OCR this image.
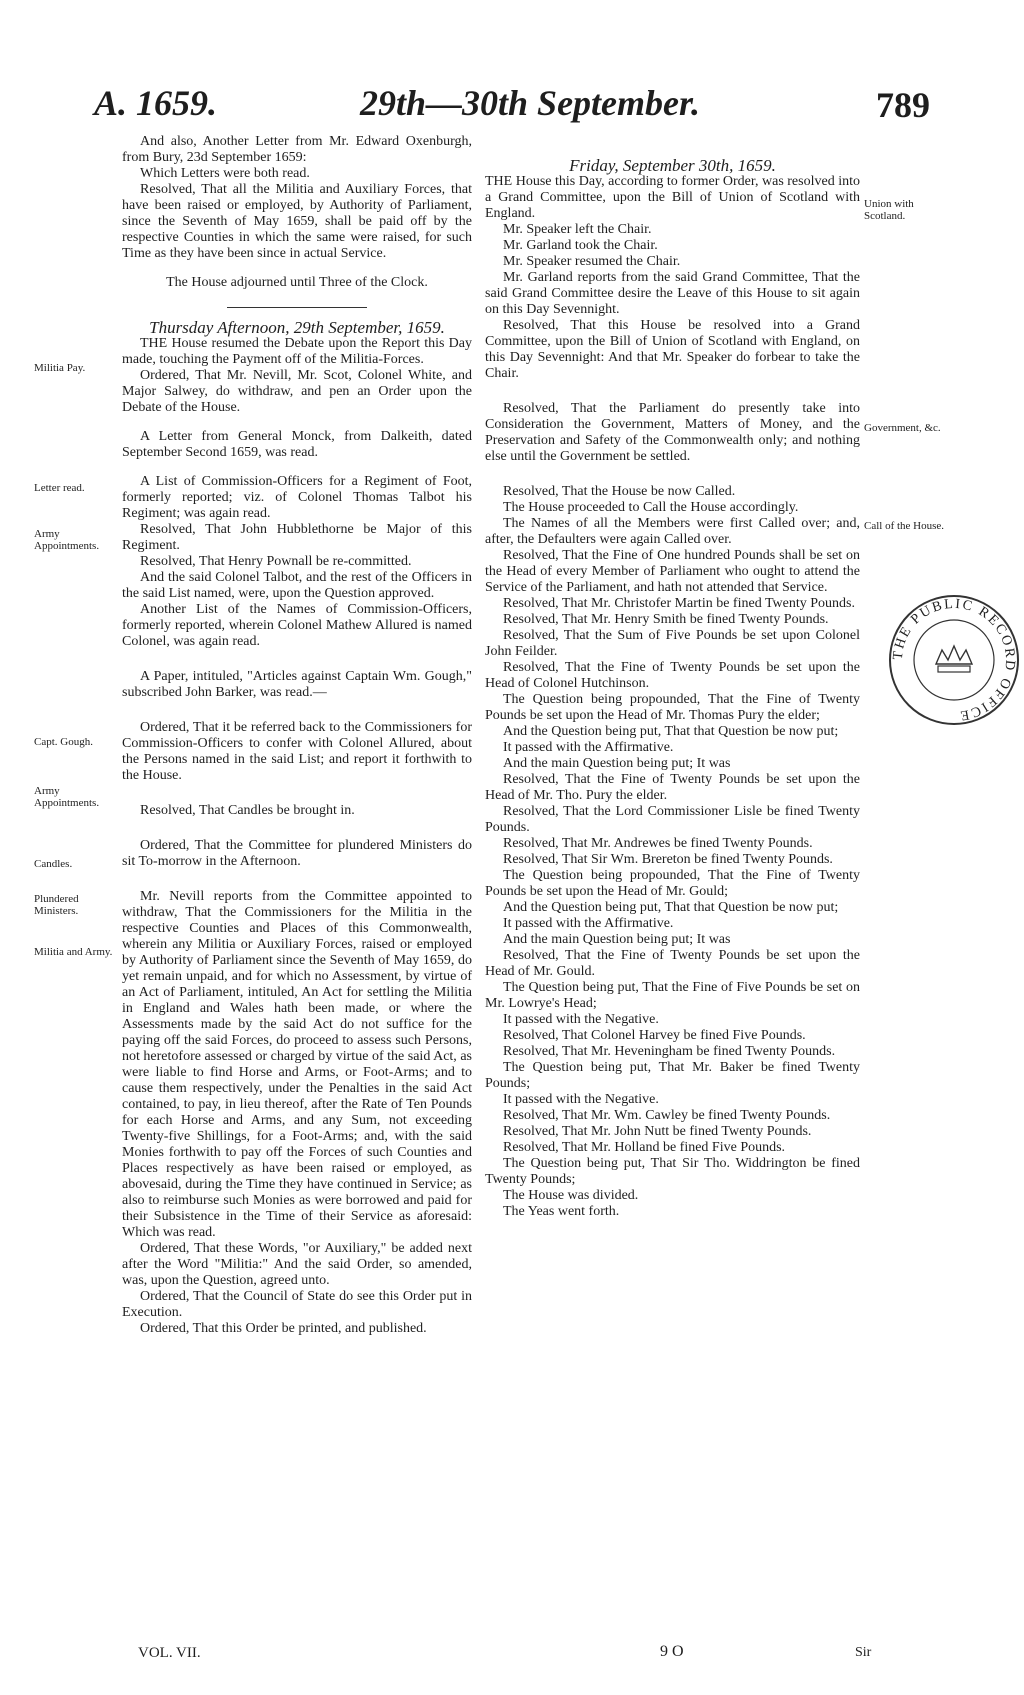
A. 1659.	29th—30th September.	789

And also, Another Letter from Mr. Edward Oxenburgh, from Bury, 23d September 1659:

Which Letters were both read.

Resolved, That all the Militia and Auxiliary Forces, that have been raised or employed, by Authority of Parliament, since the Seventh of May 1659, shall be paid off by the respective Counties in which the same were raised, for such Time as they have been since in actual Service.

The House adjourned until Three of the Clock.

Thursday Afternoon, 29th September, 1659.

THE House resumed the Debate upon the Report this Day made, touching the Payment off of the Militia-Forces.

Ordered, That Mr. Nevill, Mr. Scot, Colonel White, and Major Salwey, do withdraw, and pen an Order upon the Debate of the House.

A Letter from General Monck, from Dalkeith, dated September Second 1659, was read.

A List of Commission-Officers for a Regiment of Foot, formerly reported; viz. of Colonel Thomas Talbot his Regiment; was again read.

Resolved, That John Hubblethorne be Major of this Regiment.

Resolved, That Henry Pownall be re-committed.

And the said Colonel Talbot, and the rest of the Officers in the said List named, were, upon the Question approved.

Another List of the Names of Commission-Officers, formerly reported, wherein Colonel Mathew Allured is named Colonel, was again read.

A Paper, intituled, "Articles against Captain Wm. Gough," subscribed John Barker, was read.—

Ordered, That it be referred back to the Commissioners for Commission-Officers to confer with Colonel Allured, about the Persons named in the said List; and report it forthwith to the House.

Resolved, That Candles be brought in.

Ordered, That the Committee for plundered Ministers do sit To-morrow in the Afternoon.

Mr. Nevill reports from the Committee appointed to withdraw, That the Commissioners for the Militia in the respective Counties and Places of this Commonwealth, wherein any Militia or Auxiliary Forces, raised or employed by Authority of Parliament since the Seventh of May 1659, do yet remain unpaid, and for which no Assessment, by virtue of an Act of Parliament, intituled, An Act for settling the Militia in England and Wales hath been made, or where the Assessments made by the said Act do not suffice for the paying off the said Forces, do proceed to assess such Persons, not heretofore assessed or charged by virtue of the said Act, as were liable to find Horse and Arms, or Foot-Arms; and to cause them respectively, under the Penalties in the said Act contained, to pay, in lieu thereof, after the Rate of Ten Pounds for each Horse and Arms, and any Sum, not exceeding Twenty-five Shillings, for a Foot-Arms; and, with the said Monies forthwith to pay off the Forces of such Counties and Places respectively as have been raised or employed, as abovesaid, during the Time they have continued in Service; as also to reimburse such Monies as were borrowed and paid for their Subsistence in the Time of their Service as aforesaid: Which was read.

Ordered, That these Words, "or Auxiliary," be added next after the Word "Militia:" And the said Order, so amended, was, upon the Question, agreed unto.

Ordered, That the Council of State do see this Order put in Execution.

Ordered, That this Order be printed, and published.

Militia Pay.

Letter read.

Army Appointments.

Capt. Gough.

Army Appointments.

Candles.

Plundered Ministers.

Militia and Army.

Friday, September 30th, 1659.

THE House this Day, according to former Order, was resolved into a Grand Committee, upon the Bill of Union of Scotland with England.

Mr. Speaker left the Chair.

Mr. Garland took the Chair.

Mr. Speaker resumed the Chair.

Mr. Garland reports from the said Grand Committee, That the said Grand Committee desire the Leave of this House to sit again on this Day Sevennight.

Resolved, That this House be resolved into a Grand Committee, upon the Bill of Union of Scotland with England, on this Day Sevennight: And that Mr. Speaker do forbear to take the Chair.

Resolved, That the Parliament do presently take into Consideration the Government, Matters of Money, and the Preservation and Safety of the Commonwealth only; and nothing else until the Government be settled.

Resolved, That the House be now Called.

The House proceeded to Call the House accordingly.

The Names of all the Members were first Called over; and, after, the Defaulters were again Called over.

Resolved, That the Fine of One hundred Pounds shall be set on the Head of every Member of Parliament who ought to attend the Service of the Parliament, and hath not attended that Service.

Resolved, That Mr. Christofer Martin be fined Twenty Pounds.

Resolved, That Mr. Henry Smith be fined Twenty Pounds.

Resolved, That the Sum of Five Pounds be set upon Colonel John Feilder.

Resolved, That the Fine of Twenty Pounds be set upon the Head of Colonel Hutchinson.

The Question being propounded, That the Fine of Twenty Pounds be set upon the Head of Mr. Thomas Pury the elder;

And the Question being put, That that Question be now put;

It passed with the Affirmative.

And the main Question being put; It was

Resolved, That the Fine of Twenty Pounds be set upon the Head of Mr. Tho. Pury the elder.

Resolved, That the Lord Commissioner Lisle be fined Twenty Pounds.

Resolved, That Mr. Andrewes be fined Twenty Pounds.

Resolved, That Sir Wm. Brereton be fined Twenty Pounds.

The Question being propounded, That the Fine of Twenty Pounds be set upon the Head of Mr. Gould;

And the Question being put, That that Question be now put;

It passed with the Affirmative.

And the main Question being put; It was

Resolved, That the Fine of Twenty Pounds be set upon the Head of Mr. Gould.

The Question being put, That the Fine of Five Pounds be set on Mr. Lowrye's Head;

It passed with the Negative.

Resolved, That Colonel Harvey be fined Five Pounds.

Resolved, That Mr. Heveningham be fined Twenty Pounds.

The Question being put, That Mr. Baker be fined Twenty Pounds;

It passed with the Negative.

Resolved, That Mr. Wm. Cawley be fined Twenty Pounds.

Resolved, That Mr. John Nutt be fined Twenty Pounds.

Resolved, That Mr. Holland be fined Five Pounds.

The Question being put, That Sir Tho. Widdrington be fined Twenty Pounds;

The House was divided.

The Yeas went forth.

Union with Scotland.

Government, &c.

Call of the House.

THE PUBLIC RECORD OFFICE
VOL. VII.	9 O	Sir
